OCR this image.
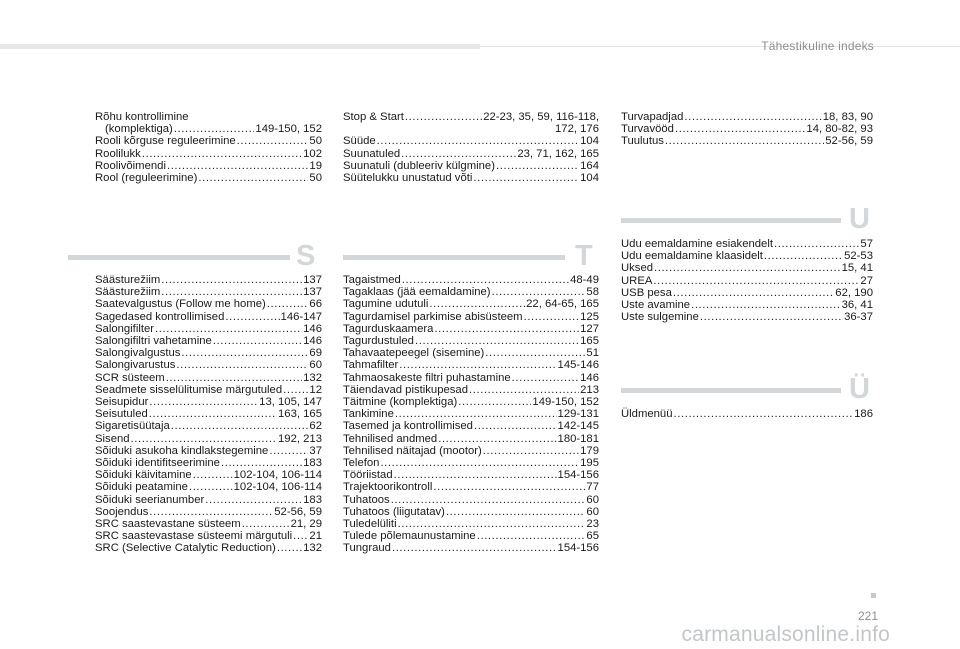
Tähestikuline indeks
Rõhu kontrollimine
(komplektiga) .....	149-150, 152
Rooli kõrguse reguleerimine .....	50
Roolilukk .....	102
Roolivõimendi .....	19
Rool (reguleerimine) .....	50
S
Säästurežiim .....	137
Säästurežiim .....	137
Saatevalgustus (Follow me home) .....	66
Sagedased kontrollimised .....	146-147
Salongifilter .....	146
Salongifiltri vahetamine .....	146
Salongivalgustus .....	69
Salongivarustus .....	60
SCR süsteem .....	132
Seadmete sisselülitumise märgutuled ..... 12
Seisupidur .....	13, 105, 147
Seisutuled .....	163, 165
Sigaretisüütaja .....	62
Sisend .....	192, 213
Sõiduki asukoha kindlakstegemine .....	37
Sõiduki identifitseerimine .....	183
Sõiduki käivitamine .....	102-104, 106-114
Sõiduki peatamine .....	102-104, 106-114
Sõiduki seerianumber .....	183
Soojendus .....	52-56, 59
SRC saastevastane süsteem .....	21, 29
SRC saastevastase süsteemi märgutuli ..... 21
SRC (Selective Catalytic Reduction) ..... 132
Stop & Start .....	22-23, 35, 59, 116-118,
172, 176
Süüde .....	104
Suunatuled .....	23, 71, 162, 165
Suunatuli (dubleeriv külgmine) .....	164
Süütelukku unustatud võti .....	104
T
Tagaistmed .....	48-49
Tagaklaas (jää eemaldamine) .....	58
Tagumine udutuli .....	22, 64-65, 165
Tagurdamisel parkimise abisüsteem .....	125
Tagurduskaamera .....	127
Tagurdustuled .....	165
Tahavaatepeegel (sisemine) .....	51
Tahmafilter .....	145-146
Tahmaosakeste filtri puhastamine .....	146
Täiendavad pistikupesad .....	213
Täitmine (komplektiga) .....	149-150, 152
Tankimine .....	129-131
Tasemed ja kontrollimised .....	142-145
Tehnilised andmed .....	180-181
Tehnilised näitajad (mootor) .....	179
Telefon .....	195
Tööriistad .....	154-156
Trajektoorikontroll .....	77
Tuhatoos .....	60
Tuhatoos (liigutatav) .....	60
Tuledelüliti .....	23
Tulede põlemaunustamine .....	65
Tungraud .....	154-156
Turvapadjad .....	18, 83, 90
Turvavööd .....	14, 80-82, 93
Tuulutus .....	52-56, 59
U
Udu eemaldamine esiakendelt .....	57
Udu eemaldamine klaasidelt .....	52-53
Uksed .....	15, 41
UREA .....	27
USB pesa .....	62, 190
Uste avamine .....	36, 41
Uste sulgemine .....	36-37
Ü
Üldmenüü .....	186
221
carmanualsonline.info
